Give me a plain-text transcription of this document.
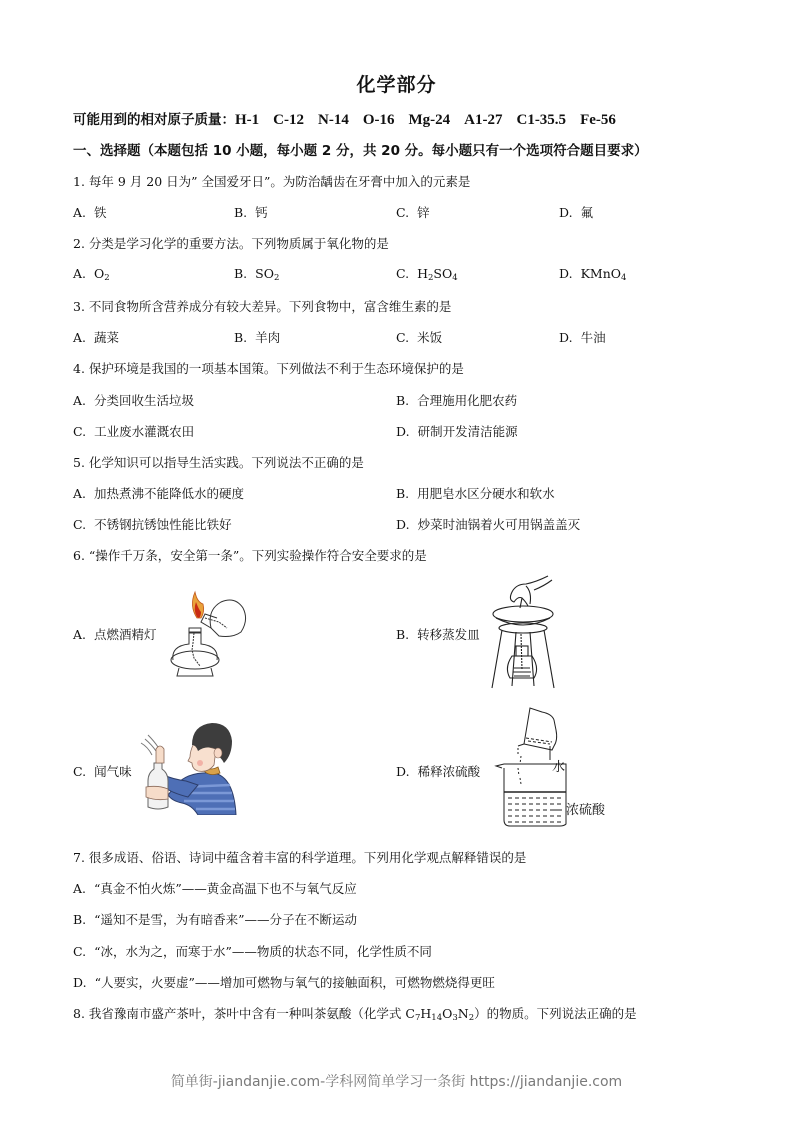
化学部分
可能用到的相对原子质量：H-1 C-12 N-14 O-16 Mg-24 A1-27 C1-35.5 Fe-56
一、选择题（本题包括 10 小题，每小题 2 分，共 20 分。每小题只有一个选项符合题目要求）
1. 每年 9 月 20 日为” 全国爱牙日”。为防治龋齿在牙膏中加入的元素是
A. 铁	B. 钙	C. 锌	D. 氟
2. 分类是学习化学的重要方法。下列物质属于氧化物的是
A. $O_2$	B. $SO_2$	C. $H_2SO_4$	D. KMnO$_4$
3. 不同食物所含营养成分有较大差异。下列食物中，富含维生素的是
A. 蔬菜	B. 羊肉	C. 米饭	D. 牛油
4. 保护环境是我国的一项基本国策。下列做法不利于生态环境保护的是
A. 分类回收生活垃圾	B. 合理施用化肥农药
C. 工业废水灌溉农田	D. 研制开发清洁能源
5. 化学知识可以指导生活实践。下列说法不正确的是
A. 加热煮沸不能降低水的硬度	B. 用肥皂水区分硬水和软水
C. 不锈钢抗锈蚀性能比铁好	D. 炒菜时油锅着火可用锅盖盖灭
6. “操作千万条，安全第一条”。下列实验操作符合安全要求的是
A. 点燃酒精灯	B. 转移蒸发皿
C. 闻气味	D. 稀释浓硫酸	水
浓硫酸
7. 很多成语、俗语、诗词中蕴含着丰富的科学道理。下列用化学观点解释错误的是
A. “真金不怕火炼”——黄金高温下也不与氧气反应
B. “遥知不是雪，为有暗香来”——分子在不断运动
C. “冰，水为之，而寒于水”——物质的状态不同，化学性质不同
D. “人要实，火要虚”——增加可燃物与氧气的接触面积，可燃物燃烧得更旺
8. 我省豫南市盛产茶叶，茶叶中含有一种叫茶氨酸（化学式 $C_7H_{14}O_3N_2$）的物质。下列说法正确的是
简单街-jiandanjie.com-学科网简单学习一条街 https://jiandanjie.com
